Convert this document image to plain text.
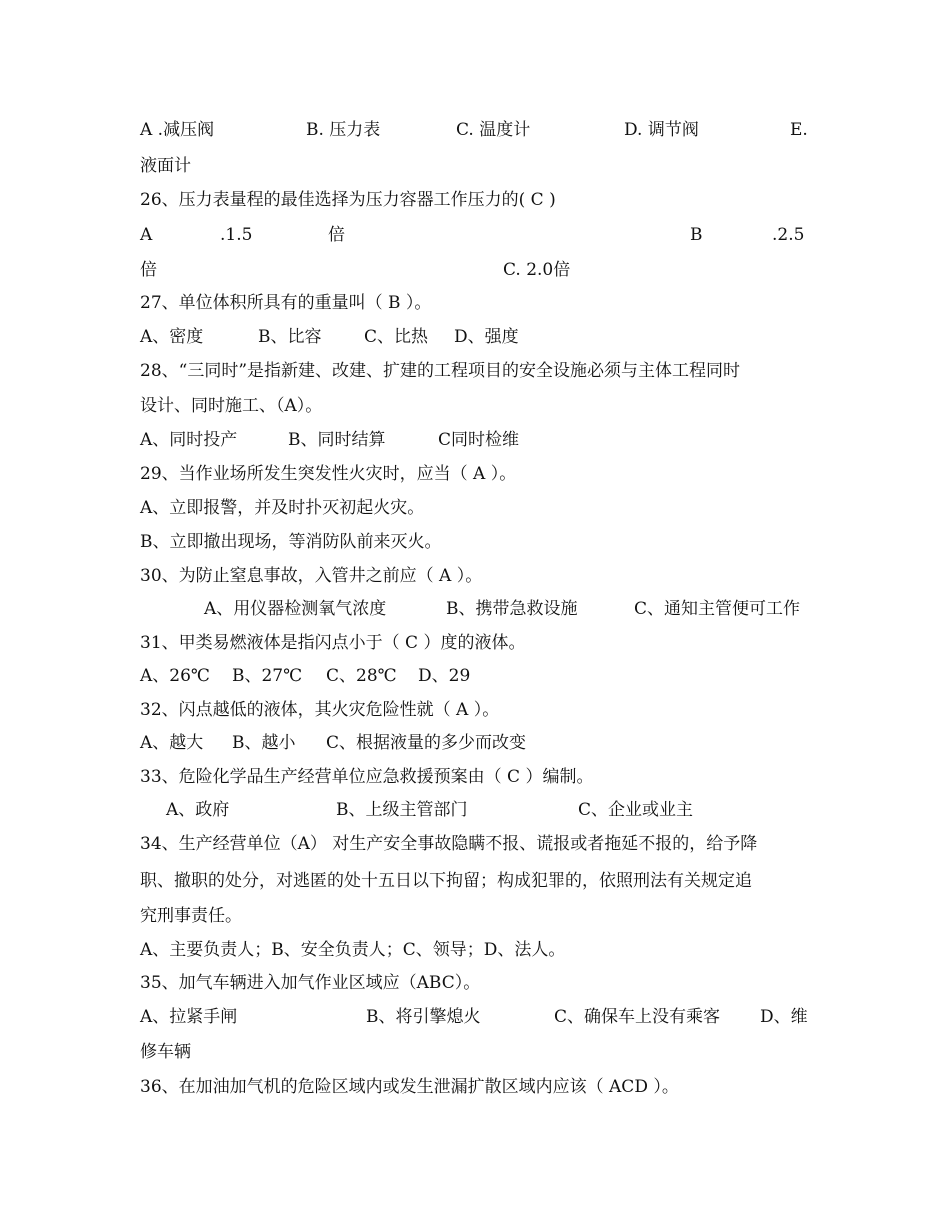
A .减压阀	B. 压力表	C. 温度计	D. 调节阀	E.
液面计
26、压力表量程的最佳选择为压力容器工作压力的( C )
A	.1.5	倍	B	.2.5
倍	C. 2.0倍
27、单位体积所具有的重量叫（ B ）。
A、密度	B、比容	C、比热 D、强度
28、“三同时”是指新建、改建、扩建的工程项目的安全设施必须与主体工程同时
设计、同时施工、（A）。
A、同时投产	B、同时结算	C同时检维
29、当作业场所发生突发性火灾时，应当（ A ）。
A、立即报警，并及时扑灭初起火灾。
B、立即撤出现场，等消防队前来灭火。
30、为防止窒息事故，入管井之前应（ A ）。
A、用仪器检测氧气浓度	B、携带急救设施	C、通知主管便可工作
31、甲类易燃液体是指闪点小于（ C ）度的液体。
A、26℃ B、27℃ C、28℃ D、29
32、闪点越低的液体，其火灾危险性就（ A ）。
A、越大 B、越小 C、根据液量的多少而改变
33、危险化学品生产经营单位应急救援预案由（ C ）编制。
A、政府	B、上级主管部门	C、企业或业主
34、生产经营单位（A） 对生产安全事故隐瞒不报、谎报或者拖延不报的，给予降
职、撤职的处分，对逃匿的处十五日以下拘留；构成犯罪的，依照刑法有关规定追
究刑事责任。
A、主要负责人；B、安全负责人；C、领导；D、法人。
35、加气车辆进入加气作业区域应（ABC）。
A、拉紧手闸	B、将引擎熄火	C、确保车上没有乘客 D、维
修车辆
36、在加油加气机的危险区域内或发生泄漏扩散区域内应该（ ACD ）。
